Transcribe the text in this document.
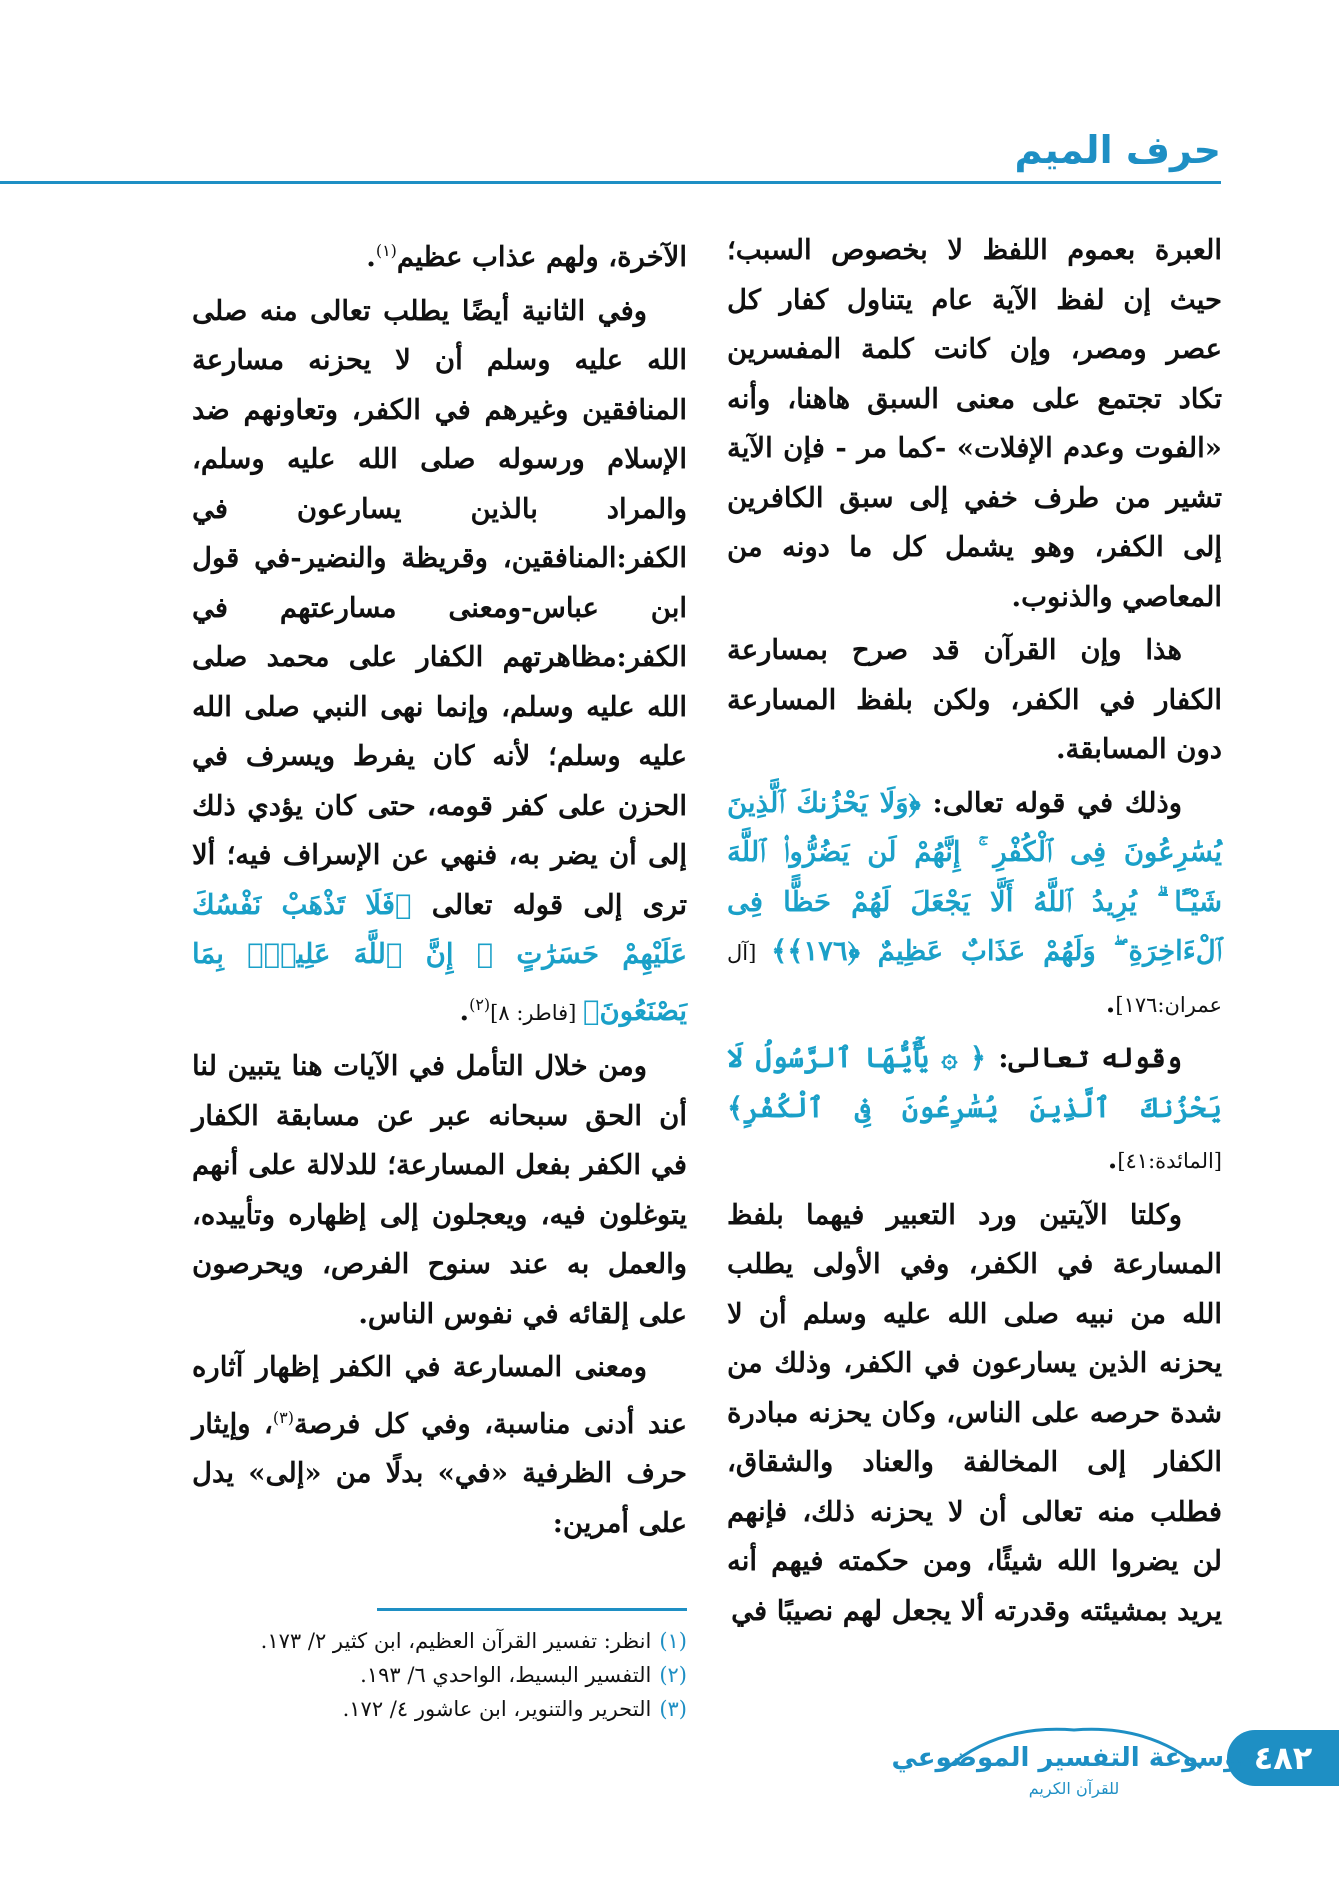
حرف الميم

العبرة بعموم اللفظ لا بخصوص السبب؛ حيث إن لفظ الآية عام يتناول كفار كل عصر ومصر، وإن كانت كلمة المفسرين تكاد تجتمع على معنى السبق هاهنا، وأنه «الفوت وعدم الإفلات» -كما مر - فإن الآية تشير من طرف خفي إلى سبق الكافرين إلى الكفر، وهو يشمل كل ما دونه من المعاصي والذنوب.

هذا وإن القرآن قد صرح بمسارعة الكفار في الكفر، ولكن بلفظ المسارعة دون المسابقة.

وذلك في قوله تعالى: ﴿وَلَا يَحْزُنكَ ٱلَّذِينَ يُسَٰرِعُونَ فِى ٱلْكُفْرِ ۚ إِنَّهُمْ لَن يَضُرُّوا۟ ٱللَّهَ شَيْـًٔا ۗ يُرِيدُ ٱللَّهُ أَلَّا يَجْعَلَ لَهُمْ حَظًّا فِى ٱلْءَاخِرَةِ ۖ وَلَهُمْ عَذَابٌ عَظِيمٌ ﴿١٧٦﴾﴾ [آل عمران:١٧٦].

وقوله تعالى: ﴿ ۞ يَٰٓأَيُّهَا ٱلرَّسُولُ لَا يَحْزُنكَ ٱلَّذِينَ يُسَٰرِعُونَ فِى ٱلْكُفْرِ﴾ [المائدة:٤١].

وكلتا الآيتين ورد التعبير فيهما بلفظ المسارعة في الكفر، وفي الأولى يطلب الله من نبيه صلى الله عليه وسلم أن لا يحزنه الذين يسارعون في الكفر، وذلك من شدة حرصه على الناس، وكان يحزنه مبادرة الكفار إلى المخالفة والعناد والشقاق، فطلب منه تعالى أن لا يحزنه ذلك، فإنهم لن يضروا الله شيئًا، ومن حكمته فيهم أنه يريد بمشيئته وقدرته ألا يجعل لهم نصيبًا في

الآخرة، ولهم عذاب عظيم$^{(١)}$.

وفي الثانية أيضًا يطلب تعالى منه صلى الله عليه وسلم أن لا يحزنه مسارعة المنافقين وغيرهم في الكفر، وتعاونهم ضد الإسلام ورسوله صلى الله عليه وسلم، والمراد بالذين يسارعون في الكفر:المنافقين، وقريظة والنضير-في قول ابن عباس-ومعنى مسارعتهم في الكفر:مظاهرتهم الكفار على محمد صلى الله عليه وسلم، وإنما نهى النبي صلى الله عليه وسلم؛ لأنه كان يفرط ويسرف في الحزن على كفر قومه، حتى كان يؤدي ذلك إلى أن يضر به، فنهي عن الإسراف فيه؛ ألا ترى إلى قوله تعالى ﴿فَلَا تَذْهَبْ نَفْسُكَ عَلَيْهِمْ حَسَرَٰتٍ ۚ إِنَّ ٱللَّهَ عَلِيمٌۢ بِمَا يَصْنَعُونَ﴾ [فاطر: ٨]$^{(٢)}$.

ومن خلال التأمل في الآيات هنا يتبين لنا أن الحق سبحانه عبر عن مسابقة الكفار في الكفر بفعل المسارعة؛ للدلالة على أنهم يتوغلون فيه، ويعجلون إلى إظهاره وتأييده، والعمل به عند سنوح الفرص، ويحرصون على إلقائه في نفوس الناس.

ومعنى المسارعة في الكفر إظهار آثاره عند أدنى مناسبة، وفي كل فرصة$^{(٣)}$، وإيثار حرف الظرفية «في» بدلًا من «إلى» يدل على أمرين:

(١)انظر: تفسير القرآن العظيم، ابن كثير ٢/ ١٧٣.
(٢)التفسير البسيط، الواحدي ٦/ ١٩٣.
(٣)التحرير والتنوير، ابن عاشور ٤/ ١٧٢.
٤٨٢
موسوعة التفسير الموضوعي
للقرآن الكريم
